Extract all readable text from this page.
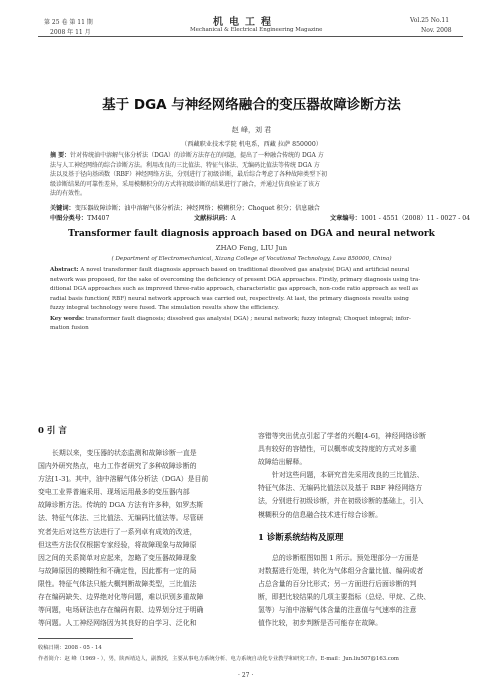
第 25 卷 第 11 期
2008 年 11 月
机电工程
Mechanical & Electrical Engineering Magazine
Vol.25 No.11
Nov. 2008
基于 DGA 与神经网络融合的变压器故障诊断方法
赵 峰，刘 君
（西藏职业技术学院 机电系，西藏 拉萨 850000）
摘 要：针对传统油中溶解气体分析法（DGA）的诊断方法存在的问题，提出了一种融合传统的 DGA 方
法与人工神经网络的综合诊断方法。利用改良的三比值法、特征气体法、无编码比值法等传统 DGA 方
法以及基于径向基函数（RBF）神经网络方法，分别进行了初级诊断，最后综合考虑了各种故障类型下初
级诊断结果的可靠性差异，采用模糊积分的方式将初级诊断的结果进行了融合，并通过仿真验证了该方
法的有效性。
关键词：变压器故障诊断；油中溶解气体分析法；神经网络；模糊积分；Choquet 积分；信息融合
中图分类号：TM407	文献标识码：A	文章编号：1001 - 4551（2008）11 - 0027 - 04
Transformer fault diagnosis approach based on DGA and neural network
ZHAO Feng, LIU Jun
( Department of Electromechanical, Xizang College of Vocational Technology, Lasa 850000, China)
Abstract: A novel transformer fault diagnosis approach based on traditional dissolved gas analysis( DGA) and artificial neural
network was proposed, for the sake of overcoming the deficiency of present DGA approaches. Firstly, primary diagnosis using tra-
ditional DGA approaches such as improved three-ratio approach, characteristic gas approach, non-code ratio approach as well as
radial basis function( RBF) neural network approach was carried out, respectively. At last, the primary diagnosis results using
fuzzy integral technology were fused. The simulation results show the efficiency.
Key words: transformer fault diagnosis; dissolved gas analysis( DGA) ; neural network; fuzzy integral; Choquet integral; infor-
mation fusion
0 引 言
长期以来，变压器的状态监测和故障诊断一直是
国内外研究热点，电力工作者研究了多种故障诊断的
方法[1-3]。其中，油中溶解气体分析法（DGA）是目前
变电工业界普遍采用、现场运用最多的变压器内部
故障诊断方法。传统的 DGA 方法有许多种，如罗杰斯
法、特征气体法、三比值法、无编码比值法等。尽管研
究者先后对这些方法进行了一系列卓有成效的改进，
但这些方法仅仅根据专家经验，将故障现象与故障原
因之间的关系简单对应起来，忽略了变压器故障现象
与故障原因的模糊性和不确定性，因此都有一定的局
限性。特征气体法只能大概判断故障类型，三比值法
存在编码缺失、边界绝对化等问题，难以识别多重故障
等问题，电场研法也存在编码有限、边界划分过于明确
等问题。人工神经网络因为其良好的自学习、泛化和
容错等突出优点引起了学者的兴趣[4-6]，神经网络诊断
具有较好的容错性，可以概率或支持度的方式对多重
故障给出解释。
针对这些问题，本研究首先采用改良的三比值法、
特征气体法、无编码比值法以及基于 RBF 神经网络方
法，分别进行初级诊断，并在初级诊断的基础上，引入
模糊积分的信息融合技术进行综合诊断。
1 诊断系统结构及原理
总的诊断框图如图 1 所示。预处理部分一方面是
对数据进行处理，转化为气体组分含量比值、编码或者
占总含量的百分比形式；另一方面进行后面诊断的判
断，即把比较结果的几项主要指标（总烃、甲烷、乙炔、
氢等）与油中溶解气体含量的注意值与气速率的注意
值作比较，初步判断是否可能存在故障。
收稿日期：2008 - 05 - 14
作者简介：赵 峰（1969 - ），男，陕西靖边人，副教授，主要从事电力系统分析、电力系统自动化专业教学和研究工作。E-mail：Jun.liu507@163.com
· 27 ·
